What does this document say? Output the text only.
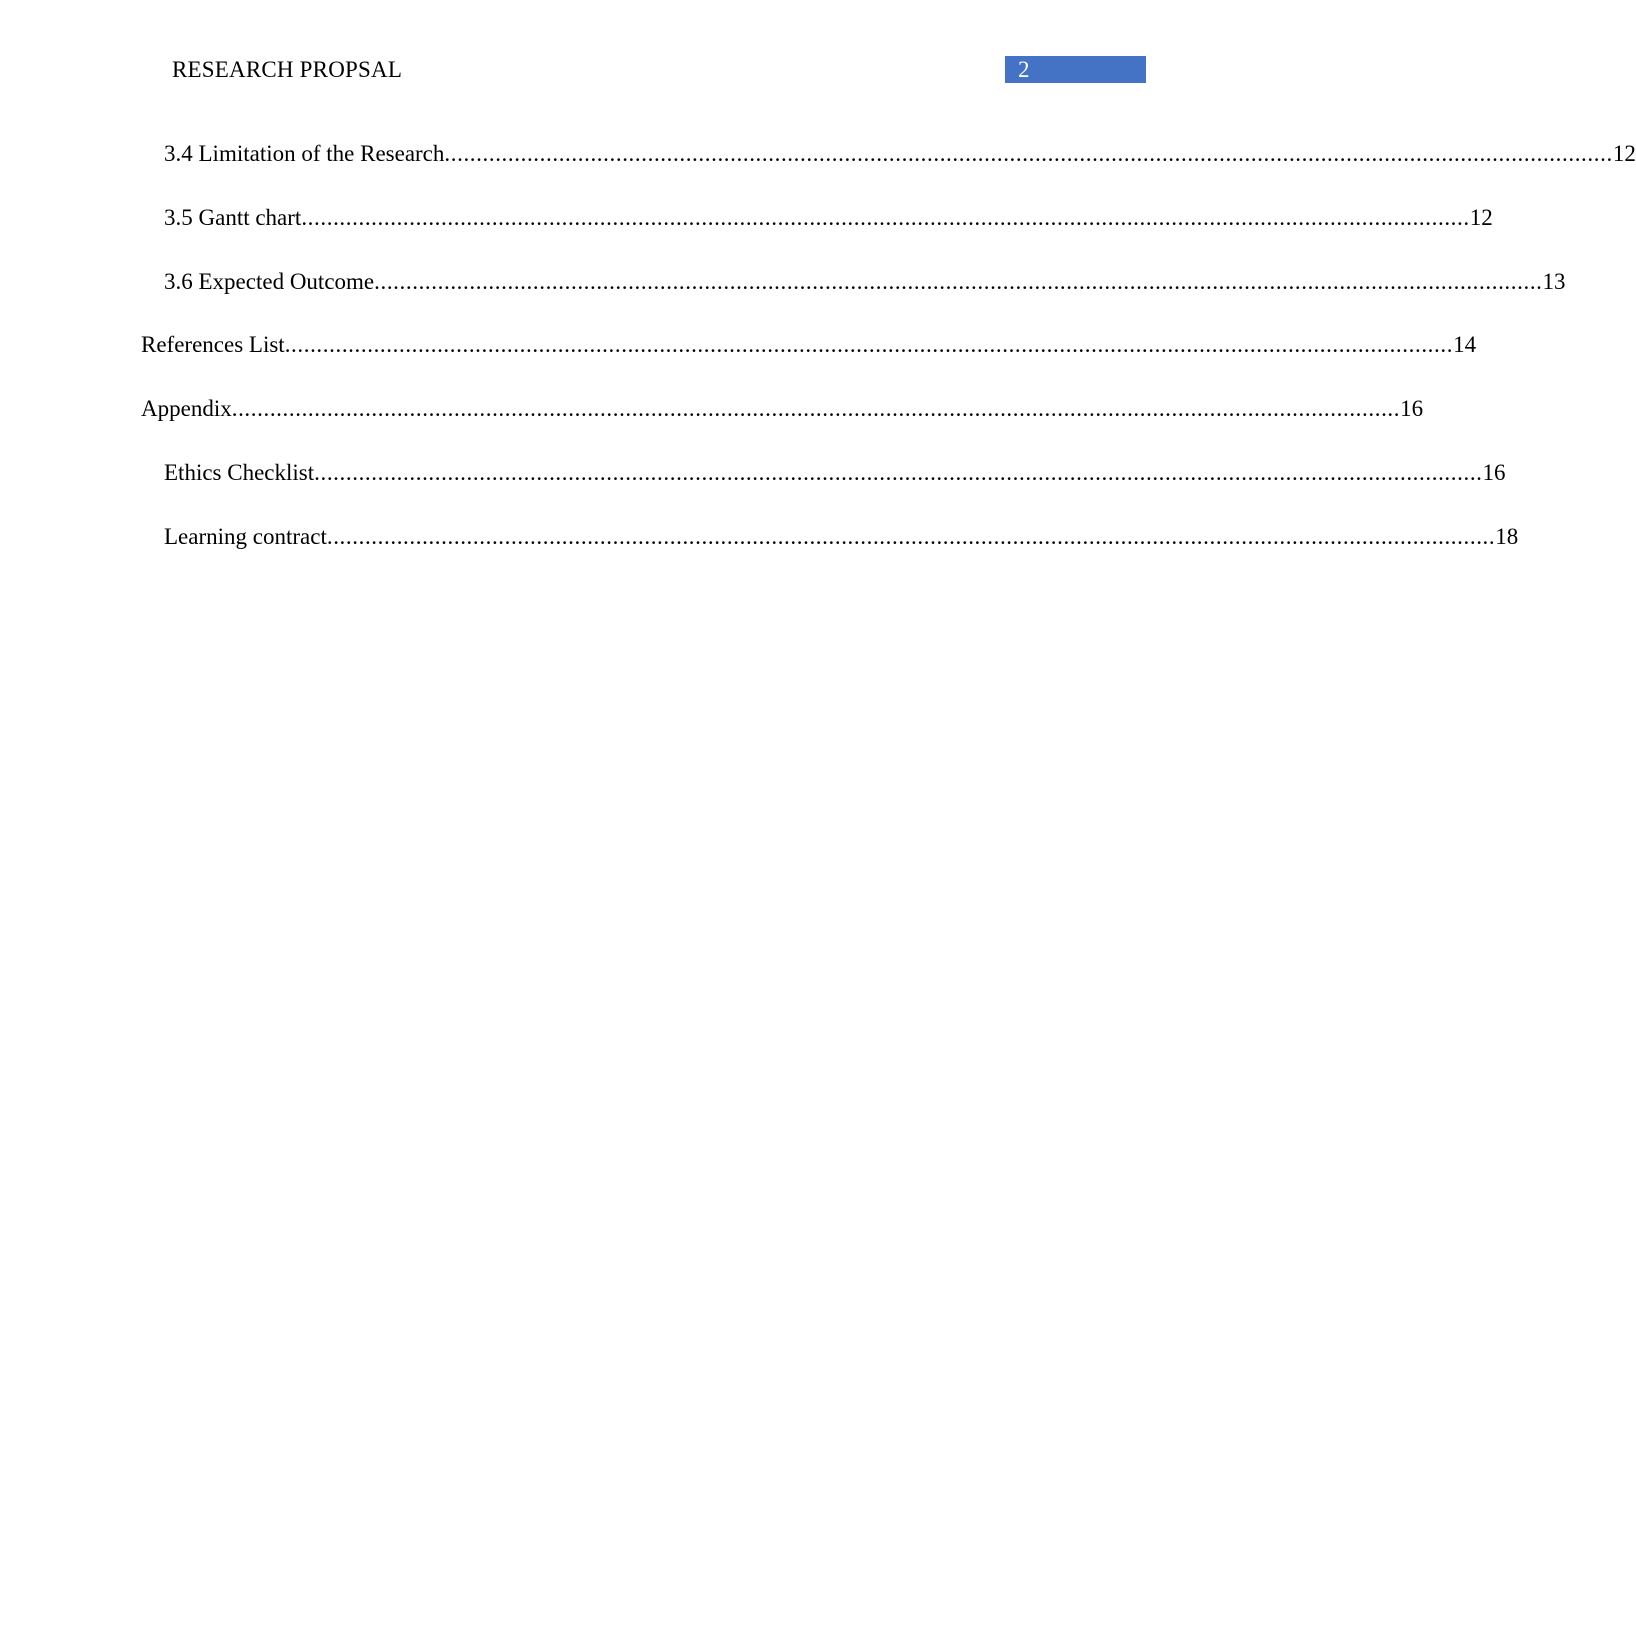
RESEARCH PROPSAL	2
3.4 Limitation of the Research ........................................................................................................................................................................................ 12
3.5 Gantt chart ........................................................................................................................................................................................ 12
3.6 Expected Outcome ........................................................................................................................................................................................ 13
References List ........................................................................................................................................................................................ 14
Appendix ........................................................................................................................................................................................ 16
Ethics Checklist ........................................................................................................................................................................................ 16
Learning contract ........................................................................................................................................................................................ 18
